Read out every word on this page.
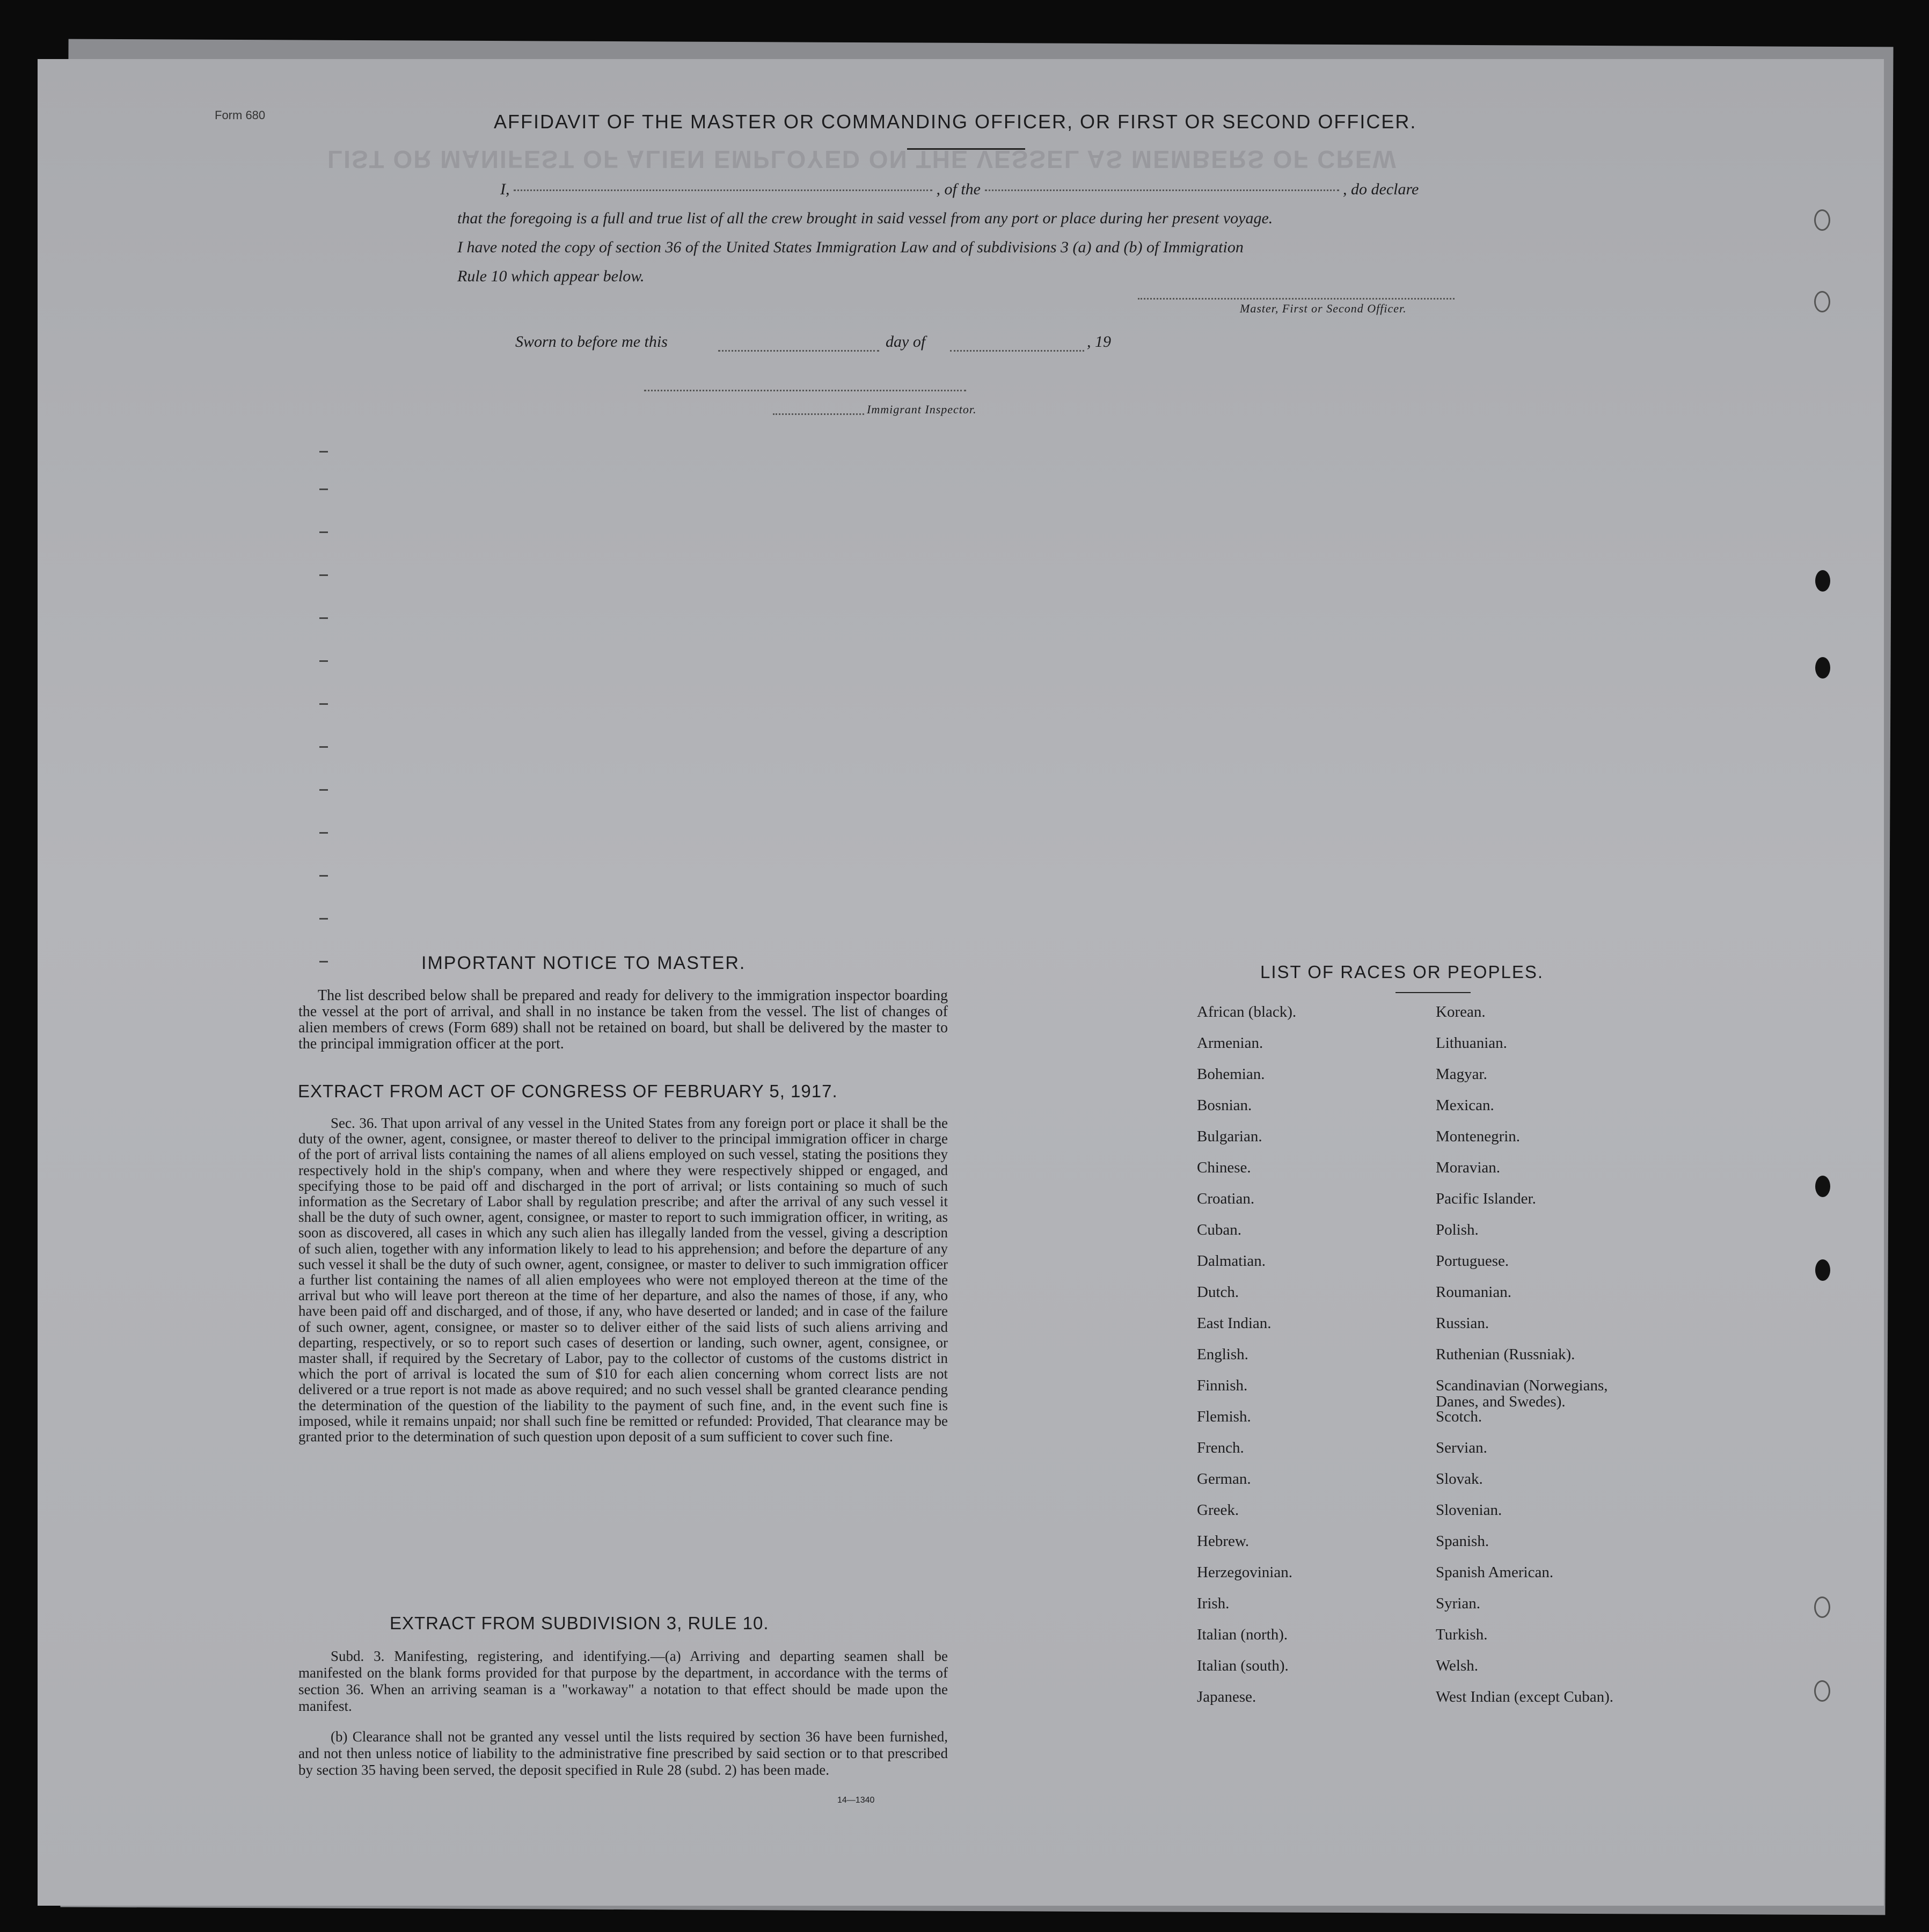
Form 680
LIST OR MANIFEST OF ALIEN EMPLOYED ON THE VESSEL AS MEMBERS OF CREW
AFFIDAVIT OF THE MASTER OR COMMANDING OFFICER, OR FIRST OR SECOND OFFICER.
I,	, of the	, do declare
that the foregoing is a full and true list of all the crew brought in said vessel from any port or place during her present voyage.
I have noted the copy of section 36 of the United States Immigration Law and of subdivisions 3 (a) and (b) of Immigration
Rule 10 which appear below.
Master, First or Second Officer.
Sworn to before me this	day of	, 19
Immigrant Inspector.
IMPORTANT NOTICE TO MASTER.
The list described below shall be prepared and ready for delivery to the immigration inspector boarding the vessel at the port of arrival, and shall in no instance be taken from the vessel. The list of changes of alien members of crews (Form 689) shall not be retained on board, but shall be delivered by the master to the principal immigration officer at the port.
EXTRACT FROM ACT OF CONGRESS OF FEBRUARY 5, 1917.
Sec. 36. That upon arrival of any vessel in the United States from any foreign port or place it shall be the duty of the owner, agent, consignee, or master thereof to deliver to the principal immigration officer in charge of the port of arrival lists containing the names of all aliens employed on such vessel, stating the positions they respectively hold in the ship's company, when and where they were respectively shipped or engaged, and specifying those to be paid off and discharged in the port of arrival; or lists containing so much of such information as the Secretary of Labor shall by regulation prescribe; and after the arrival of any such vessel it shall be the duty of such owner, agent, consignee, or master to report to such immigration officer, in writing, as soon as discovered, all cases in which any such alien has illegally landed from the vessel, giving a description of such alien, together with any information likely to lead to his apprehension; and before the departure of any such vessel it shall be the duty of such owner, agent, consignee, or master to deliver to such immigration officer a further list containing the names of all alien employees who were not employed thereon at the time of the arrival but who will leave port thereon at the time of her departure, and also the names of those, if any, who have been paid off and discharged, and of those, if any, who have deserted or landed; and in case of the failure of such owner, agent, consignee, or master so to deliver either of the said lists of such aliens arriving and departing, respectively, or so to report such cases of desertion or landing, such owner, agent, consignee, or master shall, if required by the Secretary of Labor, pay to the collector of customs of the customs district in which the port of arrival is located the sum of $10 for each alien concerning whom correct lists are not delivered or a true report is not made as above required; and no such vessel shall be granted clearance pending the determination of the question of the liability to the payment of such fine, and, in the event such fine is imposed, while it remains unpaid; nor shall such fine be remitted or refunded: Provided, That clearance may be granted prior to the determination of such question upon deposit of a sum sufficient to cover such fine.
EXTRACT FROM SUBDIVISION 3, RULE 10.
Subd. 3. Manifesting, registering, and identifying.—(a) Arriving and departing seamen shall be manifested on the blank forms provided for that purpose by the department, in accordance with the terms of section 36. When an arriving seaman is a "workaway" a notation to that effect should be made upon the manifest.
(b) Clearance shall not be granted any vessel until the lists required by section 36 have been furnished, and not then unless notice of liability to the administrative fine prescribed by said section or to that prescribed by section 35 having been served, the deposit specified in Rule 28 (subd. 2) has been made.
14—1340
LIST OF RACES OR PEOPLES.
African (black).	Korean.
Armenian.	Lithuanian.
Bohemian.	Magyar.
Bosnian.	Mexican.
Bulgarian.	Montenegrin.
Chinese.	Moravian.
Croatian.	Pacific Islander.
Cuban.	Polish.
Dalmatian.	Portuguese.
Dutch.	Roumanian.
East Indian.	Russian.
English.	Ruthenian (Russniak).
Finnish.	Scandinavian (Norwegians,
Danes, and Swedes).
Flemish.	Scotch.
French.	Servian.
German.	Slovak.
Greek.	Slovenian.
Hebrew.	Spanish.
Herzegovinian.	Spanish American.
Irish.	Syrian.
Italian (north).	Turkish.
Italian (south).	Welsh.
Japanese.	West Indian (except Cuban).
